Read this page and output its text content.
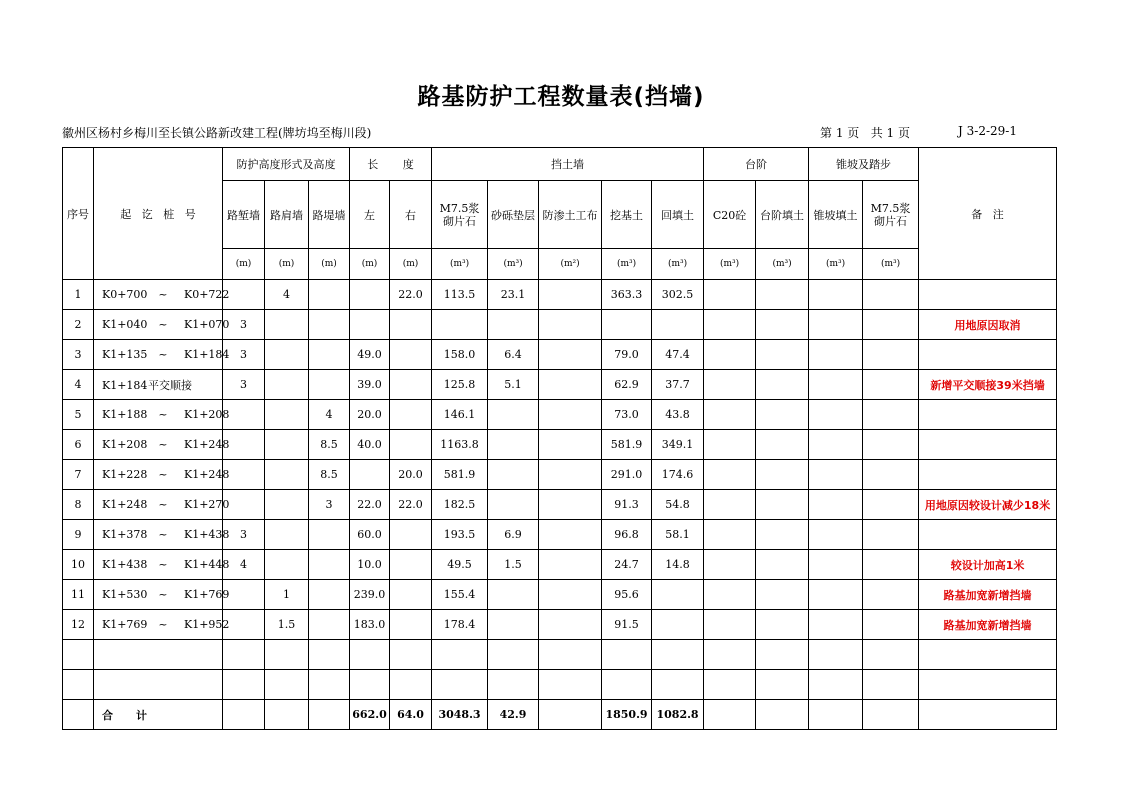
路基防护工程数量表(挡墙)
徽州区杨村乡梅川至长镇公路新改建工程(牌坊坞至梅川段)	第 1 页   共 1 页	J 3-2-29-1
序号	起   讫   桩   号	防护高度形式及高度			长       度		挡土墙					台阶		锥坡及踏步		备   注
		路堑墙	路肩墙	路堤墙	左	右	M7.5浆砌片石	砂砾垫层	防渗土工布	挖基土	回填土	C20砼	台阶填土	锥坡填土	M7.5浆砌片石	
		(m)	(m)	(m)	(m)	(m)	(m³)	(m³)	(m²)	(m³)	(m³)	(m³)	(m³)	(m³)	(m³)	
1	K0+700 ~ K0+722		4			22.0	113.5	23.1		363.3	302.5					
2	K1+040 ~ K1+070	3														用地原因取消
3	K1+135 ~ K1+184	3			49.0		158.0	6.4		79.0	47.4					
4	K1+184平交顺接	3			39.0		125.8	5.1		62.9	37.7					新增平交顺接39米挡墙
5	K1+188 ~ K1+208			4	20.0		146.1			73.0	43.8					
6	K1+208 ~ K1+248			8.5	40.0		1163.8			581.9	349.1					
7	K1+228 ~ K1+248			8.5		20.0	581.9			291.0	174.6					
8	K1+248 ~ K1+270			3	22.0	22.0	182.5			91.3	54.8					用地原因较设计减少18米
9	K1+378 ~ K1+438	3			60.0		193.5	6.9		96.8	58.1					
10	K1+438 ~ K1+448	4			10.0		49.5	1.5		24.7	14.8					较设计加高1米
11	K1+530 ~ K1+769		1		239.0		155.4			95.6						路基加宽新增挡墙
12	K1+769 ~ K1+952		1.5		183.0		178.4			91.5						路基加宽新增挡墙

	合      计				662.0	64.0	3048.3	42.9		1850.9	1082.8					
